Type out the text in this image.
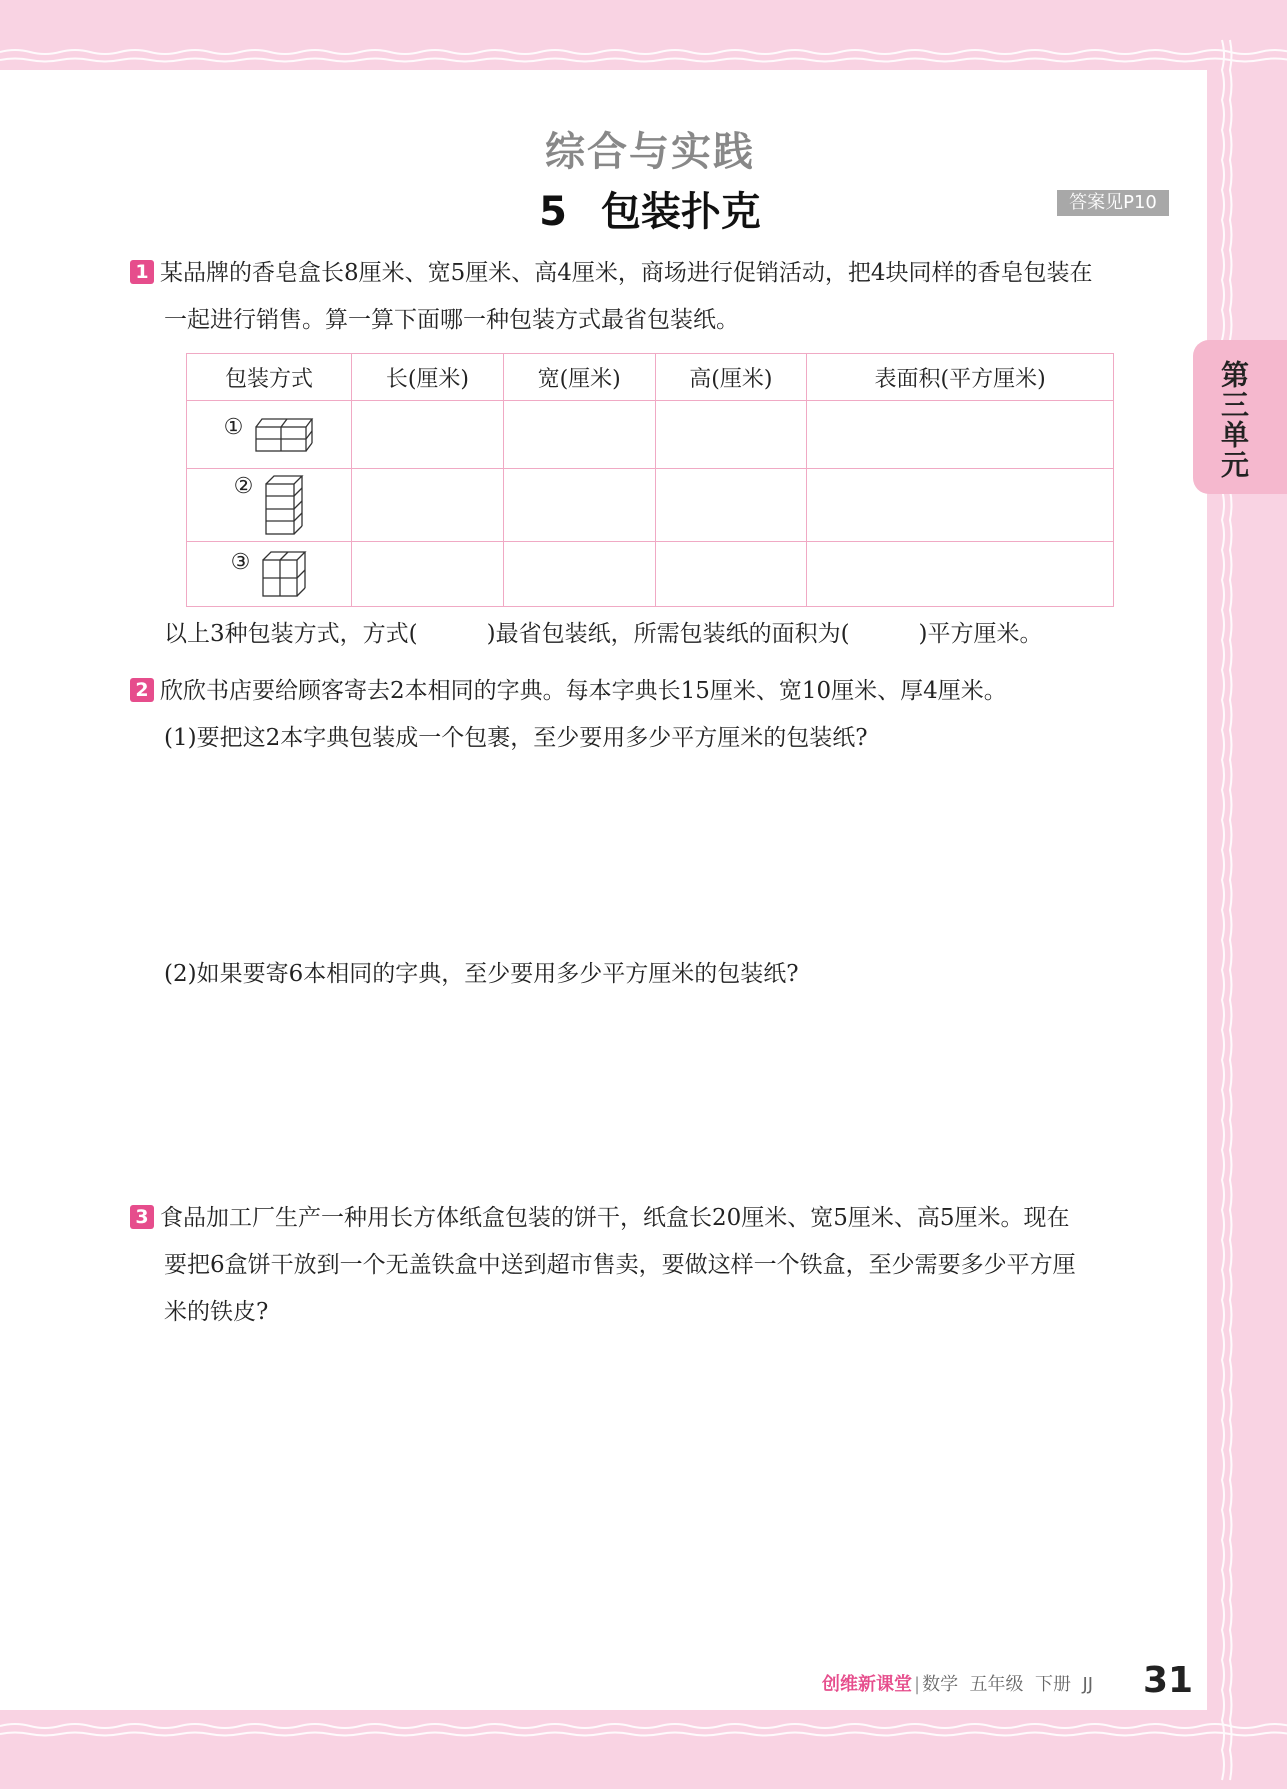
综合与实践
5 包装扑克	答案见P10
第三单元

1 某品牌的香皂盒长8厘米、宽5厘米、高4厘米，商场进行促销活动，把4块同样的香皂包装在

一起进行销售。算一算下面哪一种包装方式最省包装纸。

包装方式	长(厘米)	宽(厘米)	高(厘米)	表面积(平方厘米)
①				
②				
③				

以上3种包装方式，方式(　　　)最省包装纸，所需包装纸的面积为(　　　)平方厘米。

2 欣欣书店要给顾客寄去2本相同的字典。每本字典长15厘米、宽10厘米、厚4厘米。

(1)要把这2本字典包装成一个包裹，至少要用多少平方厘米的包装纸?

(2)如果要寄6本相同的字典，至少要用多少平方厘米的包装纸?

3 食品加工厂生产一种用长方体纸盒包装的饼干，纸盒长20厘米、宽5厘米、高5厘米。现在

要把6盒饼干放到一个无盖铁盒中送到超市售卖，要做这样一个铁盒，至少需要多少平方厘

米的铁皮?

创维新课堂 | 数学 五年级 下册 JJ 31
